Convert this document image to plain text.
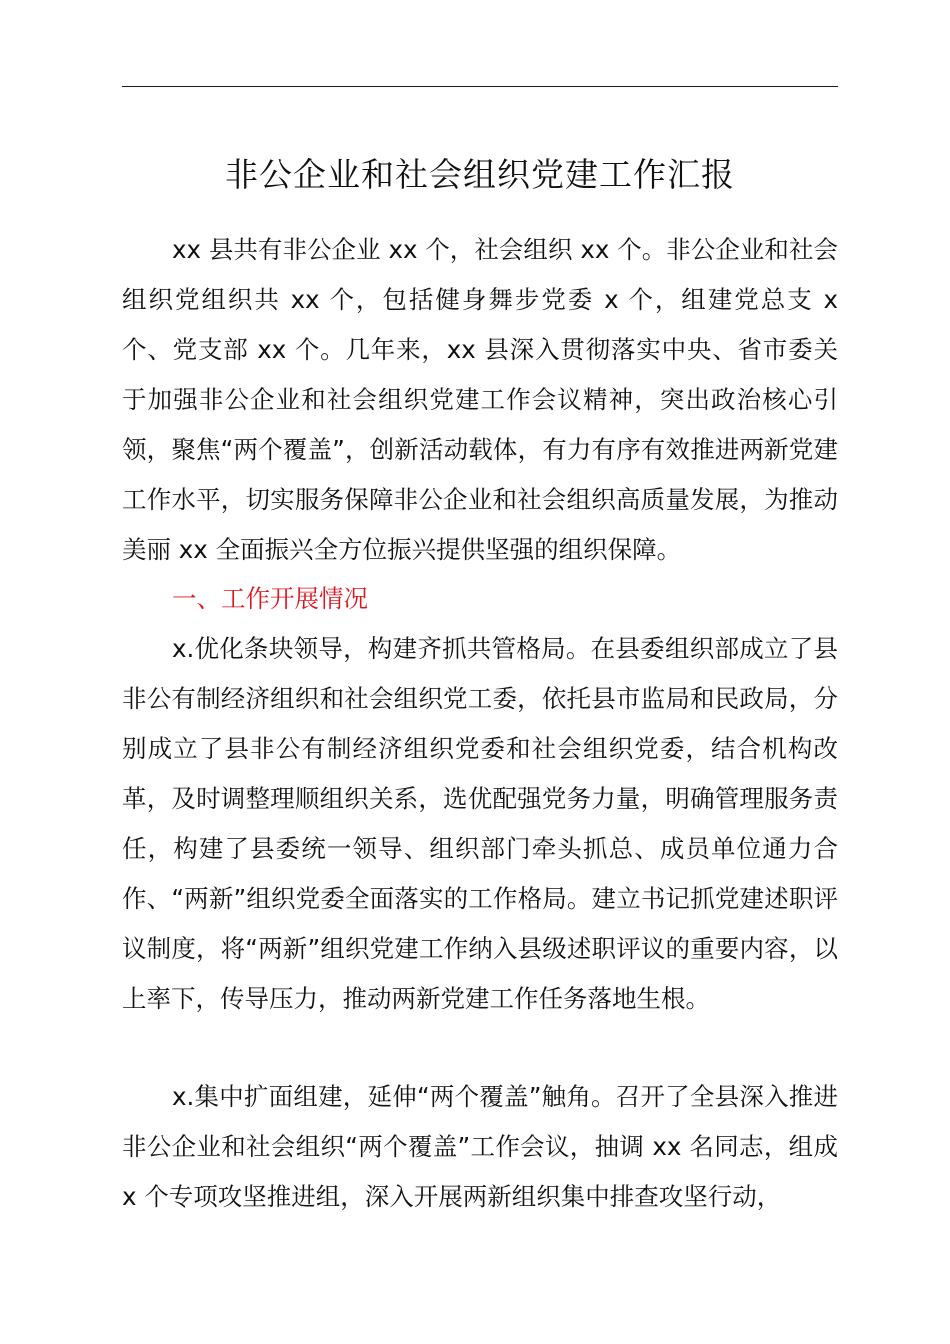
非公企业和社会组织党建工作汇报

xx 县共有非公企业 xx 个，社会组织 xx 个。非公企业和社会组织党组织共 xx 个，包括健身舞步党委 x 个，组建党总支 x 个、党支部 xx 个。几年来，xx 县深入贯彻落实中央、省市委关于加强非公企业和社会组织党建工作会议精神，突出政治核心引领，聚焦“两个覆盖”，创新活动载体，有力有序有效推进两新党建工作水平，切实服务保障非公企业和社会组织高质量发展，为推动美丽 xx 全面振兴全方位振兴提供坚强的组织保障。

一、工作开展情况

x.优化条块领导，构建齐抓共管格局。在县委组织部成立了县非公有制经济组织和社会组织党工委，依托县市监局和民政局，分别成立了县非公有制经济组织党委和社会组织党委，结合机构改革，及时调整理顺组织关系，选优配强党务力量，明确管理服务责任，构建了县委统一领导、组织部门牵头抓总、成员单位通力合作、“两新”组织党委全面落实的工作格局。建立书记抓党建述职评议制度，将“两新”组织党建工作纳入县级述职评议的重要内容，以上率下，传导压力，推动两新党建工作任务落地生根。

x.集中扩面组建，延伸“两个覆盖”触角。召开了全县深入推进非公企业和社会组织“两个覆盖”工作会议，抽调 xx 名同志，组成 x 个专项攻坚推进组，深入开展两新组织集中排查攻坚行动，
